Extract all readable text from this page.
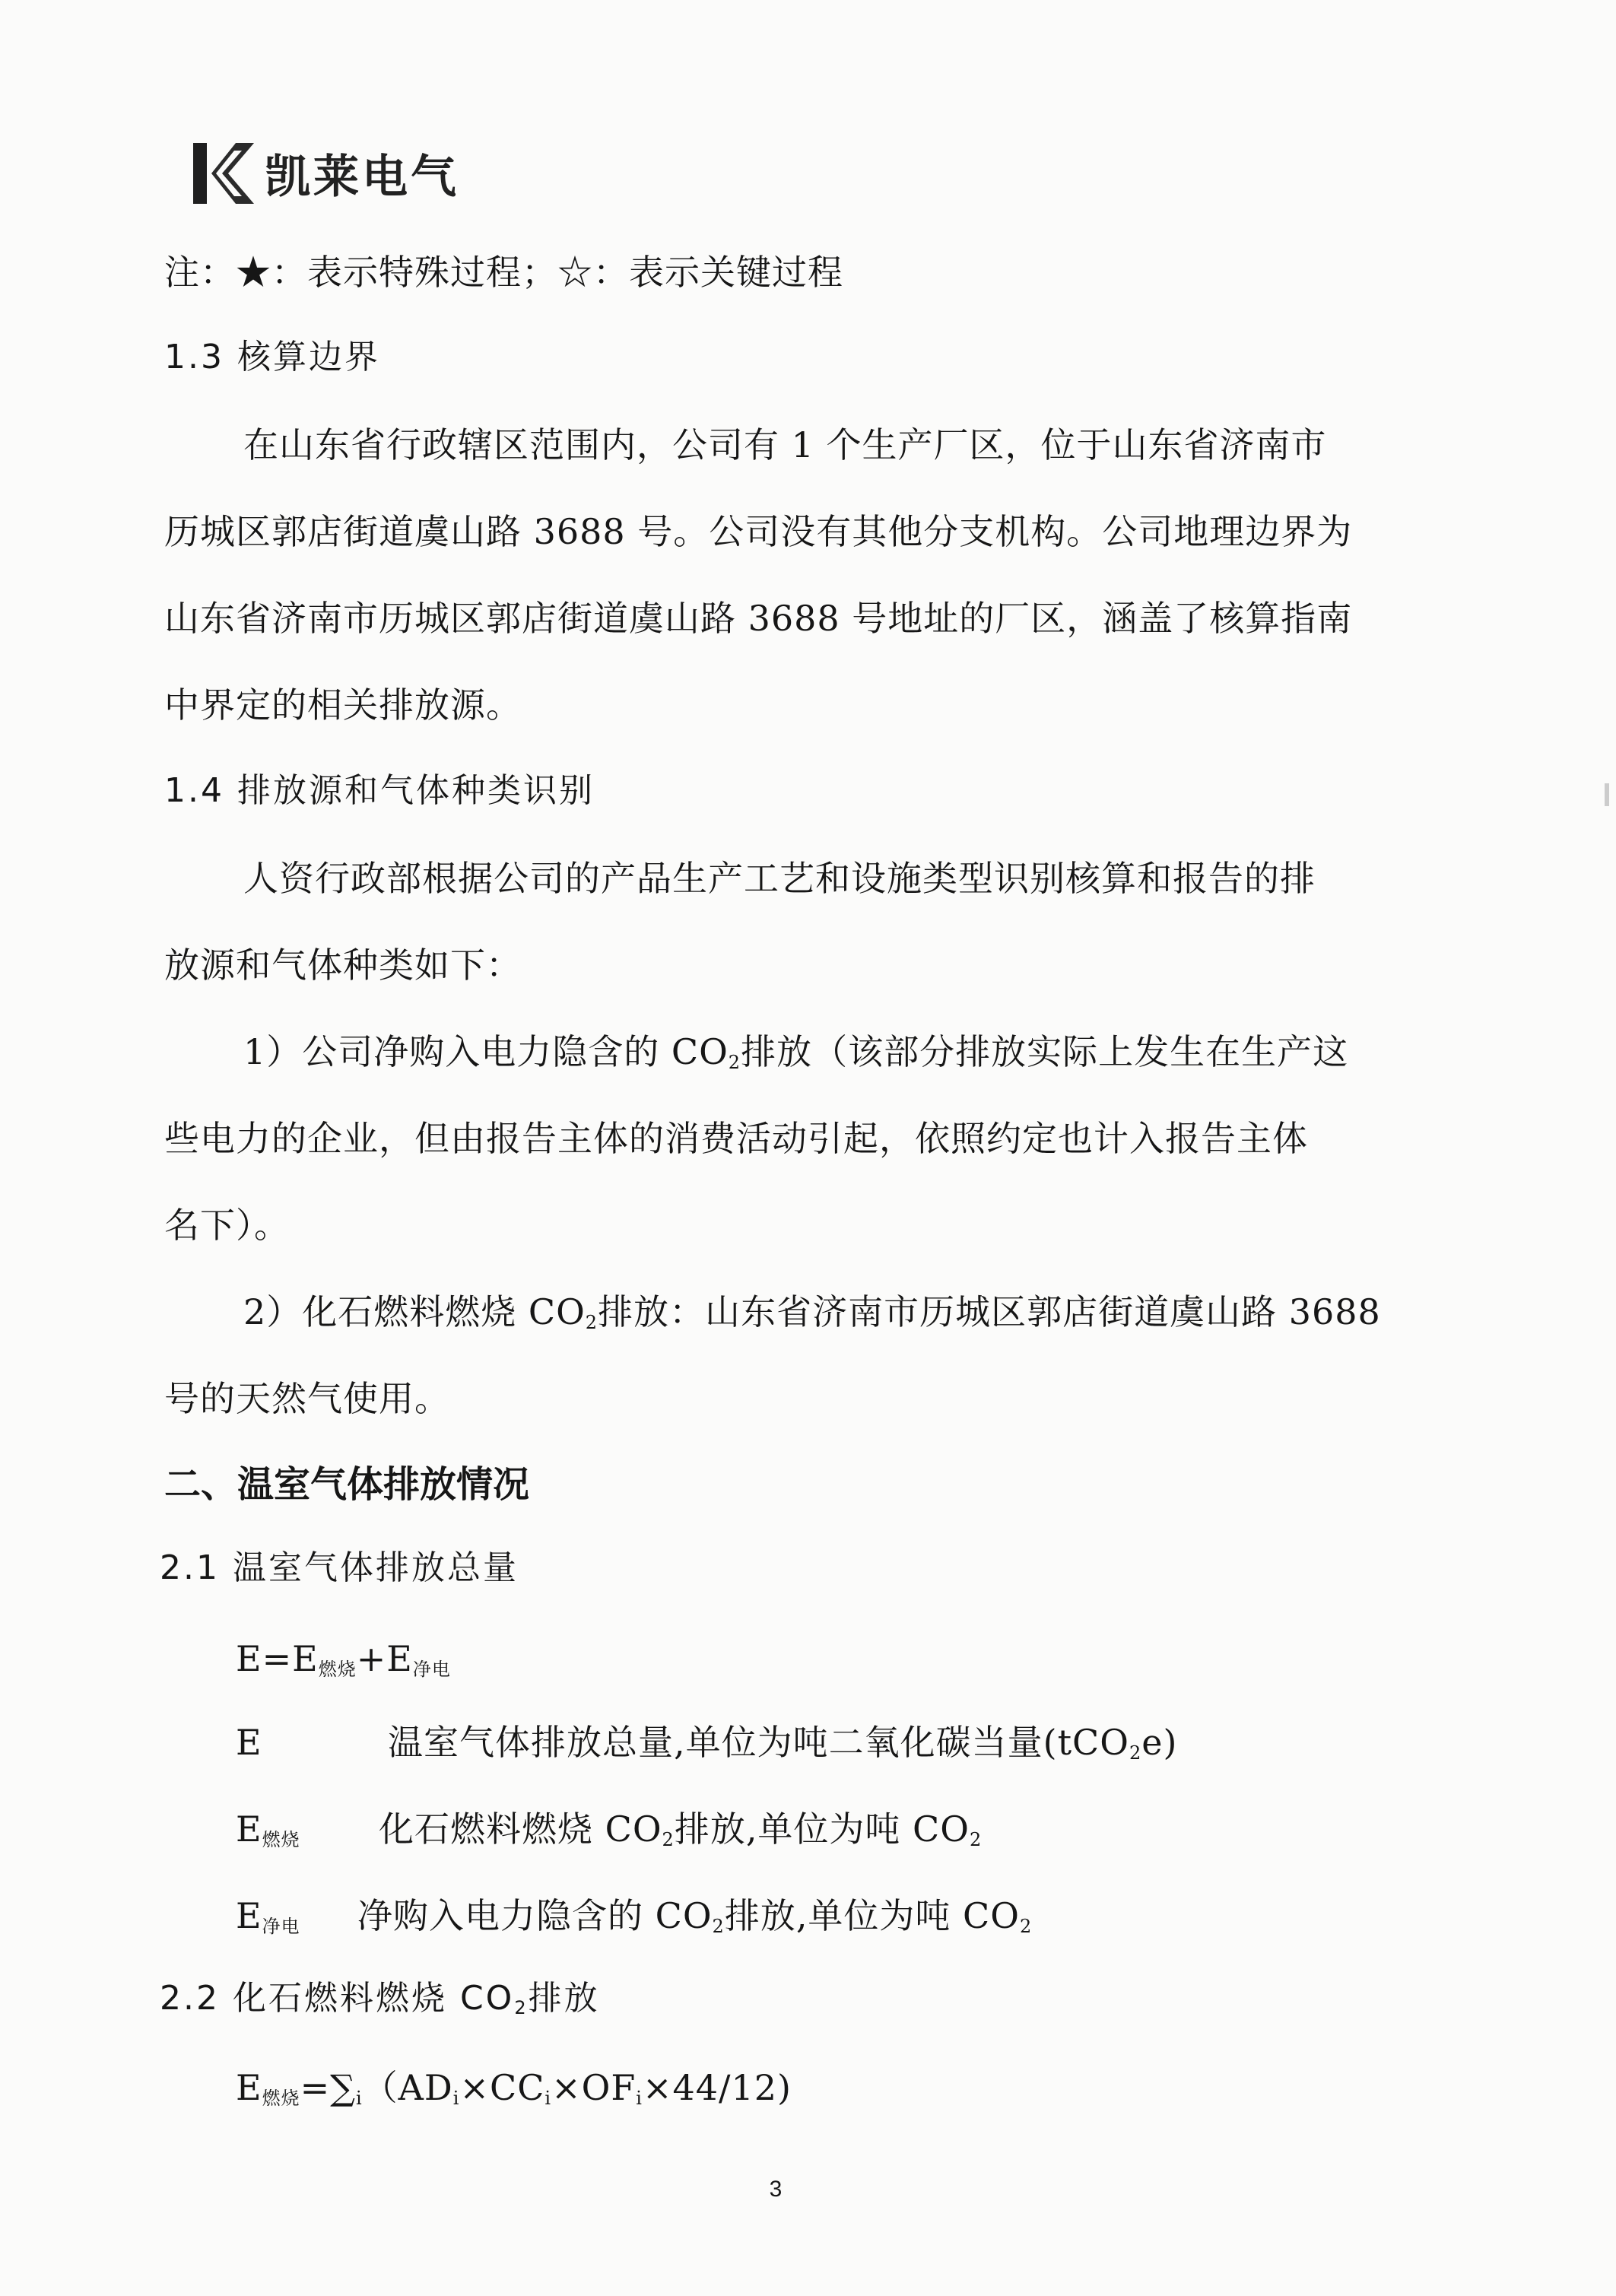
凯莱电气
注：★：表示特殊过程；☆：表示关键过程
1.3 核算边界
在山东省行政辖区范围内，公司有 1 个生产厂区，位于山东省济南市
历城区郭店街道虞山路 3688 号。公司没有其他分支机构。公司地理边界为
山东省济南市历城区郭店街道虞山路 3688 号地址的厂区，涵盖了核算指南
中界定的相关排放源。
1.4 排放源和气体种类识别
人资行政部根据公司的产品生产工艺和设施类型识别核算和报告的排
放源和气体种类如下：
1）公司净购入电力隐含的 $CO_2$排放（该部分排放实际上发生在生产这
些电力的企业，但由报告主体的消费活动引起，依照约定也计入报告主体
名下）。
2）化石燃料燃烧 $CO_2$排放：山东省济南市历城区郭店街道虞山路 3688
号的天然气使用。
二、温室气体排放情况
2.1 温室气体排放总量
$E=E_{燃烧}+E_{净电}$
E	温室气体排放总量,单位为吨二氧化碳当量(tCO$_2$e)
$E_{燃烧}$ 化石燃料燃烧 $CO_2$排放,单位为吨 $CO_2$
$E_{净电}$ 净购入电力隐含的 $CO_2$排放,单位为吨 $CO_2$
2.2 化石燃料燃烧 $CO_2$排放
$E_{燃烧}=\sum_i(AD_i\times CC_i\times OF_i\times 44/12)$
3
